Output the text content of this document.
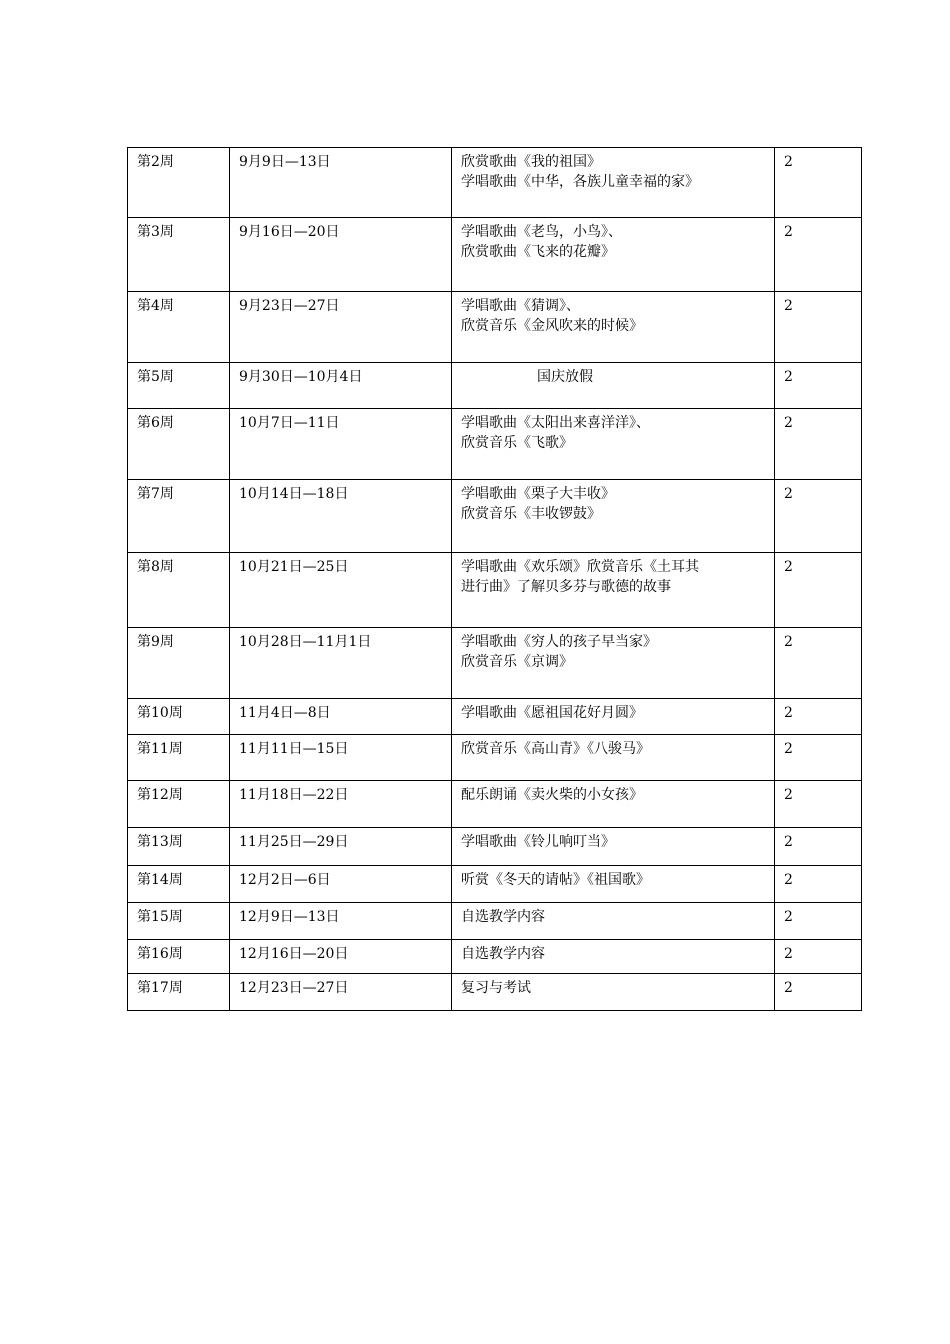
第2周	9月9日—13日	欣赏歌曲《我的祖国》
学唱歌曲《中华，各族儿童幸福的家》	2
第3周	9月16日—20日	学唱歌曲《老鸟，小鸟》、
欣赏歌曲《飞来的花瓣》	2
第4周	9月23日—27日	学唱歌曲《猜调》、
欣赏音乐《金风吹来的时候》	2
第5周	9月30日—10月4日	国庆放假	2
第6周	10月7日—11日	学唱歌曲《太阳出来喜洋洋》、
欣赏音乐《飞歌》	2
第7周	10月14日—18日	学唱歌曲《栗子大丰收》
欣赏音乐《丰收锣鼓》	2
第8周	10月21日—25日	学唱歌曲《欢乐颂》欣赏音乐《土耳其
进行曲》了解贝多芬与歌德的故事	2
第9周	10月28日—11月1日	学唱歌曲《穷人的孩子早当家》
欣赏音乐《京调》	2
第10周	11月4日—8日	学唱歌曲《愿祖国花好月圆》	2
第11周	11月11日—15日	欣赏音乐《高山青》《八骏马》	2
第12周	11月18日—22日	配乐朗诵《卖火柴的小女孩》	2
第13周	11月25日—29日	学唱歌曲《铃儿响叮当》	2
第14周	12月2日—6日	听赏《冬天的请帖》《祖国歌》	2
第15周	12月9日—13日	自选教学内容	2
第16周	12月16日—20日	自选教学内容	2
第17周	12月23日—27日	复习与考试	2
